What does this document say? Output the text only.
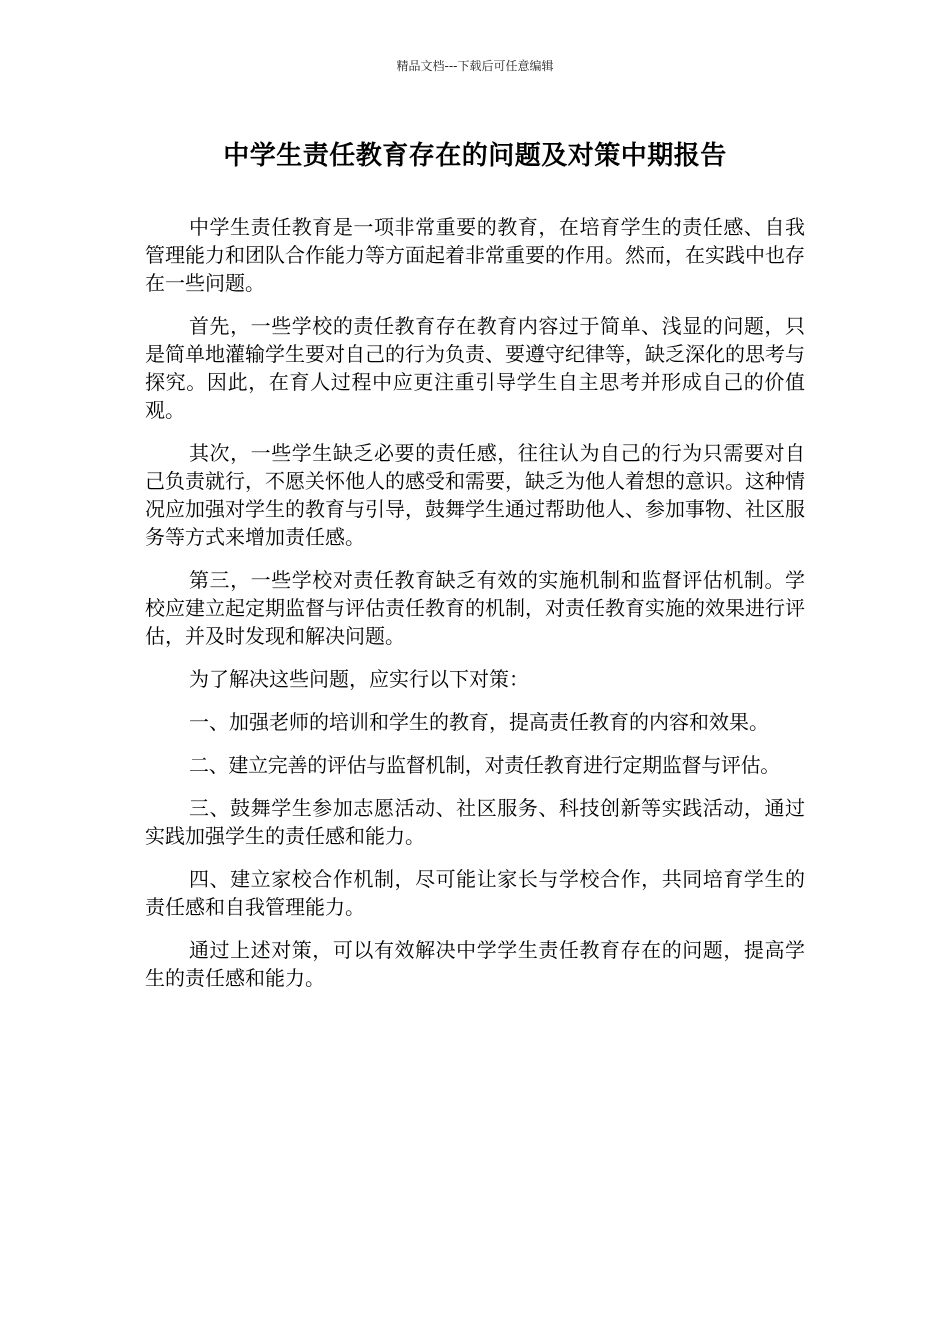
精品文档---下载后可任意编辑
中学生责任教育存在的问题及对策中期报告

中学生责任教育是一项非常重要的教育，在培育学生的责任感、自我管理能力和团队合作能力等方面起着非常重要的作用。然而，在实践中也存在一些问题。

首先，一些学校的责任教育存在教育内容过于简单、浅显的问题，只是简单地灌输学生要对自己的行为负责、要遵守纪律等，缺乏深化的思考与探究。因此，在育人过程中应更注重引导学生自主思考并形成自己的价值观。

其次，一些学生缺乏必要的责任感，往往认为自己的行为只需要对自己负责就行，不愿关怀他人的感受和需要，缺乏为他人着想的意识。这种情况应加强对学生的教育与引导，鼓舞学生通过帮助他人、参加事物、社区服务等方式来增加责任感。

第三，一些学校对责任教育缺乏有效的实施机制和监督评估机制。学校应建立起定期监督与评估责任教育的机制，对责任教育实施的效果进行评估，并及时发现和解决问题。

为了解决这些问题，应实行以下对策：

一、加强老师的培训和学生的教育，提高责任教育的内容和效果。

二、建立完善的评估与监督机制，对责任教育进行定期监督与评估。

三、鼓舞学生参加志愿活动、社区服务、科技创新等实践活动，通过实践加强学生的责任感和能力。

四、建立家校合作机制，尽可能让家长与学校合作，共同培育学生的责任感和自我管理能力。

通过上述对策，可以有效解决中学学生责任教育存在的问题，提高学生的责任感和能力。
